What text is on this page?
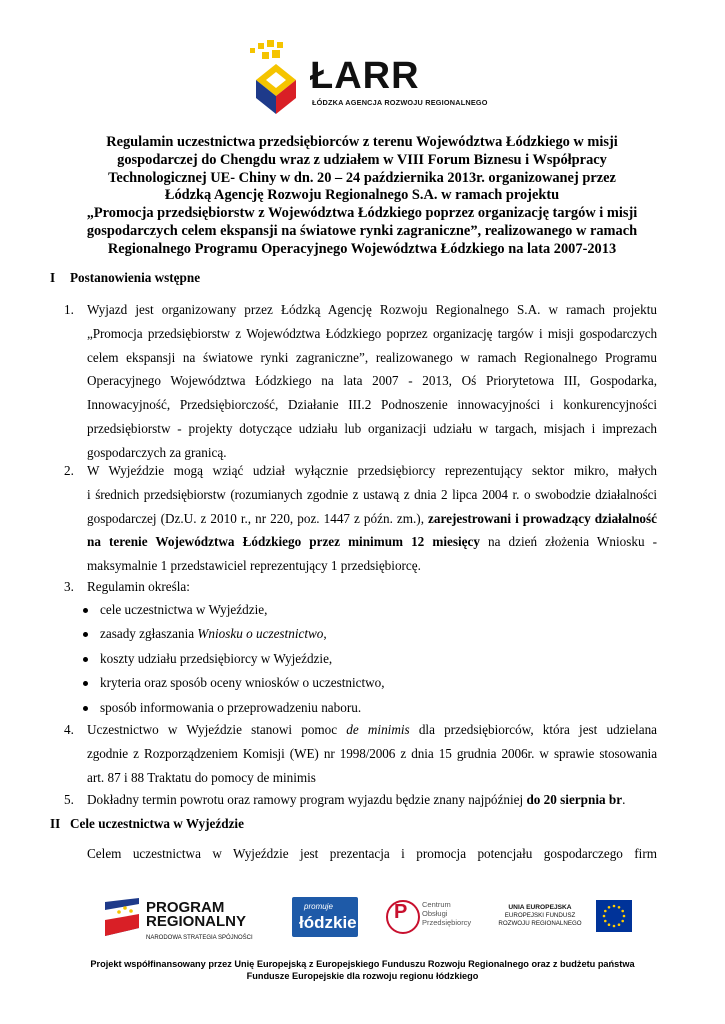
ŁARR
ŁÓDZKA AGENCJA ROZWOJU REGIONALNEGO
Regulamin uczestnictwa przedsiębiorców z terenu Województwa Łódzkiego w misji
gospodarczej do Chengdu wraz z udziałem w VIII Forum Biznesu i Współpracy
Technologicznej UE- Chiny w dn. 20 – 24 października 2013r. organizowanej przez
Łódzką Agencję Rozwoju Regionalnego S.A. w ramach projektu
„Promocja przedsiębiorstw z Województwa Łódzkiego poprzez organizację targów i misji
gospodarczych celem ekspansji na światowe rynki zagraniczne”, realizowanego w ramach
Regionalnego Programu Operacyjnego Województwa Łódzkiego na lata 2007-2013
I Postanowienia wstępne
1. Wyjazd jest organizowany przez Łódzką Agencję Rozwoju Regionalnego S.A. w ramach projektu
„Promocja przedsiębiorstw z Województwa Łódzkiego poprzez organizację targów i misji gospodarczych
celem ekspansji na światowe rynki zagraniczne”, realizowanego w ramach Regionalnego Programu
Operacyjnego Województwa Łódzkiego na lata 2007 - 2013, Oś Priorytetowa III, Gospodarka,
Innowacyjność, Przedsiębiorczość, Działanie III.2 Podnoszenie innowacyjności i konkurencyjności
przedsiębiorstw - projekty dotyczące udziału lub organizacji udziału w targach, misjach i imprezach
gospodarczych za granicą.
2. W Wyjeździe mogą wziąć udział wyłącznie przedsiębiorcy reprezentujący sektor mikro, małych
i średnich przedsiębiorstw (rozumianych zgodnie z ustawą z dnia 2 lipca 2004 r. o swobodzie działalności
gospodarczej (Dz.U. z 2010 r., nr 220, poz. 1447 z późn. zm.), zarejestrowani i prowadzący działalność
na terenie Województwa Łódzkiego przez minimum 12 miesięcy na dzień złożenia Wniosku -
maksymalnie 1 przedstawiciel reprezentujący 1 przedsiębiorcę.
3. Regulamin określa:
cele uczestnictwa w Wyjeździe,
zasady zgłaszania Wniosku o uczestnictwo,
koszty udziału przedsiębiorcy w Wyjeździe,
kryteria oraz sposób oceny wniosków o uczestnictwo,
sposób informowania o przeprowadzeniu naboru.
4. Uczestnictwo w Wyjeździe stanowi pomoc de minimis dla przedsiębiorców, która jest udzielana
zgodnie z Rozporządzeniem Komisji (WE) nr 1998/2006 z dnia 15 grudnia 2006r. w sprawie stosowania
art. 87 i 88 Traktatu do pomocy de minimis
5. Dokładny termin powrotu oraz ramowy program wyjazdu będzie znany najpóźniej do 20 sierpnia br.
II Cele uczestnictwa w Wyjeździe
Celem uczestnictwa w Wyjeździe jest prezentacja i promocja potencjału gospodarczego firm
PROGRAM
REGIONALNY
NARODOWA STRATEGIA SPÓJNOŚCI
promuje
łódzkie P Centrum
Obsługi
Przedsiębiorcy
UNIA EUROPEJSKA
EUROPEJSKI FUNDUSZ
ROZWOJU REGIONALNEGO
Projekt współfinansowany przez Unię Europejską z Europejskiego Funduszu Rozwoju Regionalnego oraz z budżetu państwa
Fundusze Europejskie dla rozwoju regionu łódzkiego
